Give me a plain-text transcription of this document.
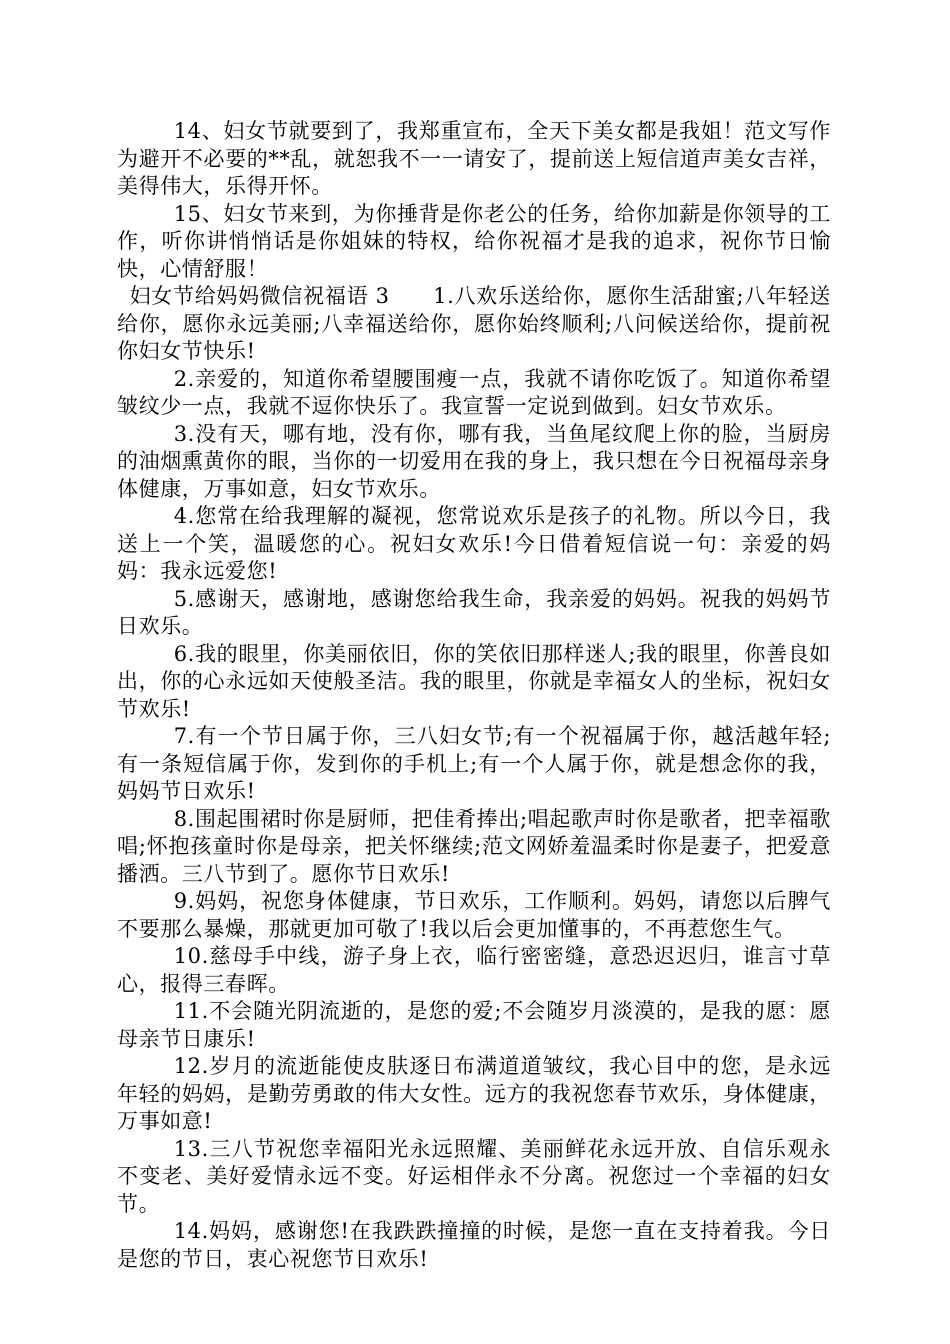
14、妇女节就要到了，我郑重宣布，全天下美女都是我姐！范文写作为避开不必要的**乱，就恕我不一一请安了，提前送上短信道声美女吉祥，美得伟大，乐得开怀。

15、妇女节来到，为你捶背是你老公的任务，给你加薪是你领导的工作，听你讲悄悄话是你姐妹的特权，给你祝福才是我的追求，祝你节日愉快，心情舒服！

妇女节给妈妈微信祝福语 3　　1.八欢乐送给你，愿你生活甜蜜;八年轻送给你，愿你永远美丽;八幸福送给你，愿你始终顺利;八问候送给你，提前祝你妇女节快乐!

2.亲爱的，知道你希望腰围瘦一点，我就不请你吃饭了。知道你希望皱纹少一点，我就不逗你快乐了。我宣誓一定说到做到。妇女节欢乐。

3.没有天，哪有地，没有你，哪有我，当鱼尾纹爬上你的脸，当厨房的油烟熏黄你的眼，当你的一切爱用在我的身上，我只想在今日祝福母亲身体健康，万事如意，妇女节欢乐。

4.您常在给我理解的凝视，您常说欢乐是孩子的礼物。所以今日，我送上一个笑，温暖您的心。祝妇女欢乐!今日借着短信说一句：亲爱的妈妈：我永远爱您!

5.感谢天，感谢地，感谢您给我生命，我亲爱的妈妈。祝我的妈妈节日欢乐。

6.我的眼里，你美丽依旧，你的笑依旧那样迷人;我的眼里，你善良如出，你的心永远如天使般圣洁。我的眼里，你就是幸福女人的坐标，祝妇女节欢乐!

7.有一个节日属于你，三八妇女节;有一个祝福属于你，越活越年轻;有一条短信属于你，发到你的手机上;有一个人属于你，就是想念你的我，妈妈节日欢乐!

8.围起围裙时你是厨师，把佳肴捧出;唱起歌声时你是歌者，把幸福歌唱;怀抱孩童时你是母亲，把关怀继续;范文网娇羞温柔时你是妻子，把爱意播洒。三八节到了。愿你节日欢乐!

9.妈妈，祝您身体健康，节日欢乐，工作顺利。妈妈，请您以后脾气不要那么暴燥，那就更加可敬了!我以后会更加懂事的，不再惹您生气。

10.慈母手中线，游子身上衣，临行密密缝，意恐迟迟归，谁言寸草心，报得三春晖。

11.不会随光阴流逝的，是您的爱;不会随岁月淡漠的，是我的愿：愿母亲节日康乐!

12.岁月的流逝能使皮肤逐日布满道道皱纹，我心目中的您，是永远年轻的妈妈，是勤劳勇敢的伟大女性。远方的我祝您春节欢乐，身体健康，万事如意!

13.三八节祝您幸福阳光永远照耀、美丽鲜花永远开放、自信乐观永不变老、美好爱情永远不变。好运相伴永不分离。祝您过一个幸福的妇女节。

14.妈妈，感谢您!在我跌跌撞撞的时候，是您一直在支持着我。今日是您的节日，衷心祝您节日欢乐!
